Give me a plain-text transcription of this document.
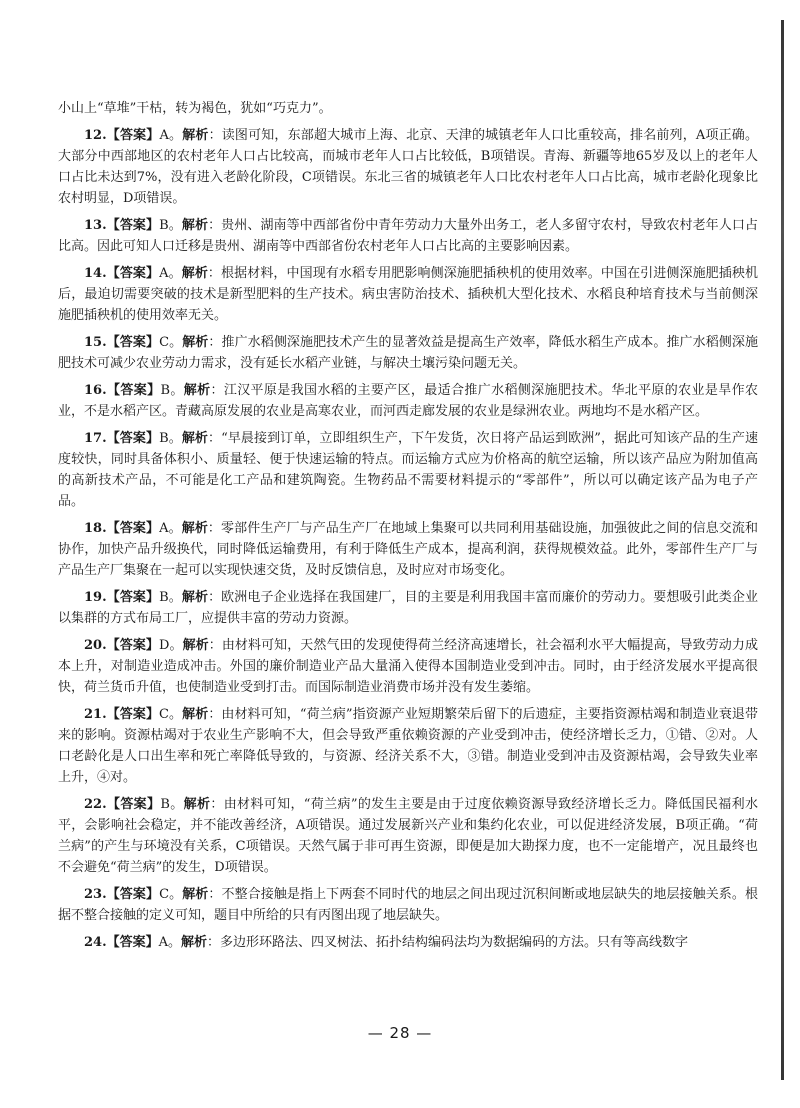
小山上“草堆”干枯，转为褐色，犹如“巧克力”。

12.【答案】A。解析：读图可知，东部超大城市上海、北京、天津的城镇老年人口比重较高，排名前列，A项正确。大部分中西部地区的农村老年人口占比较高，而城市老年人口占比较低，B项错误。青海、新疆等地65岁及以上的老年人口占比未达到7%，没有进入老龄化阶段，C项错误。东北三省的城镇老年人口比农村老年人口占比高，城市老龄化现象比农村明显，D项错误。

13.【答案】B。解析：贵州、湖南等中西部省份中青年劳动力大量外出务工，老人多留守农村，导致农村老年人口占比高。因此可知人口迁移是贵州、湖南等中西部省份农村老年人口占比高的主要影响因素。

14.【答案】A。解析：根据材料，中国现有水稻专用肥影响侧深施肥插秧机的使用效率。中国在引进侧深施肥插秧机后，最迫切需要突破的技术是新型肥料的生产技术。病虫害防治技术、插秧机大型化技术、水稻良种培育技术与当前侧深施肥插秧机的使用效率无关。

15.【答案】C。解析：推广水稻侧深施肥技术产生的显著效益是提高生产效率，降低水稻生产成本。推广水稻侧深施肥技术可减少农业劳动力需求，没有延长水稻产业链，与解决土壤污染问题无关。

16.【答案】B。解析：江汉平原是我国水稻的主要产区，最适合推广水稻侧深施肥技术。华北平原的农业是旱作农业，不是水稻产区。青藏高原发展的农业是高寒农业，而河西走廊发展的农业是绿洲农业。两地均不是水稻产区。

17.【答案】B。解析：“早晨接到订单，立即组织生产，下午发货，次日将产品运到欧洲”，据此可知该产品的生产速度较快，同时具备体积小、质量轻、便于快速运输的特点。而运输方式应为价格高的航空运输，所以该产品应为附加值高的高新技术产品，不可能是化工产品和建筑陶瓷。生物药品不需要材料提示的“零部件”，所以可以确定该产品为电子产品。

18.【答案】A。解析：零部件生产厂与产品生产厂在地域上集聚可以共同利用基础设施，加强彼此之间的信息交流和协作，加快产品升级换代，同时降低运输费用，有利于降低生产成本，提高利润，获得规模效益。此外，零部件生产厂与产品生产厂集聚在一起可以实现快速交货，及时反馈信息，及时应对市场变化。

19.【答案】B。解析：欧洲电子企业选择在我国建厂，目的主要是利用我国丰富而廉价的劳动力。要想吸引此类企业以集群的方式布局工厂，应提供丰富的劳动力资源。

20.【答案】D。解析：由材料可知，天然气田的发现使得荷兰经济高速增长，社会福利水平大幅提高，导致劳动力成本上升，对制造业造成冲击。外国的廉价制造业产品大量涌入使得本国制造业受到冲击。同时，由于经济发展水平提高很快，荷兰货币升值，也使制造业受到打击。而国际制造业消费市场并没有发生萎缩。

21.【答案】C。解析：由材料可知，“荷兰病”指资源产业短期繁荣后留下的后遗症，主要指资源枯竭和制造业衰退带来的影响。资源枯竭对于农业生产影响不大，但会导致严重依赖资源的产业受到冲击，使经济增长乏力，①错、②对。人口老龄化是人口出生率和死亡率降低导致的，与资源、经济关系不大，③错。制造业受到冲击及资源枯竭，会导致失业率上升，④对。

22.【答案】B。解析：由材料可知，“荷兰病”的发生主要是由于过度依赖资源导致经济增长乏力。降低国民福利水平，会影响社会稳定，并不能改善经济，A项错误。通过发展新兴产业和集约化农业，可以促进经济发展，B项正确。“荷兰病”的产生与环境没有关系，C项错误。天然气属于非可再生资源，即便是加大勘探力度，也不一定能增产，况且最终也不会避免“荷兰病”的发生，D项错误。

23.【答案】C。解析：不整合接触是指上下两套不同时代的地层之间出现过沉积间断或地层缺失的地层接触关系。根据不整合接触的定义可知，题目中所给的只有丙图出现了地层缺失。

24.【答案】A。解析：多边形环路法、四叉树法、拓扑结构编码法均为数据编码的方法。只有等高线数字

— 28 —
